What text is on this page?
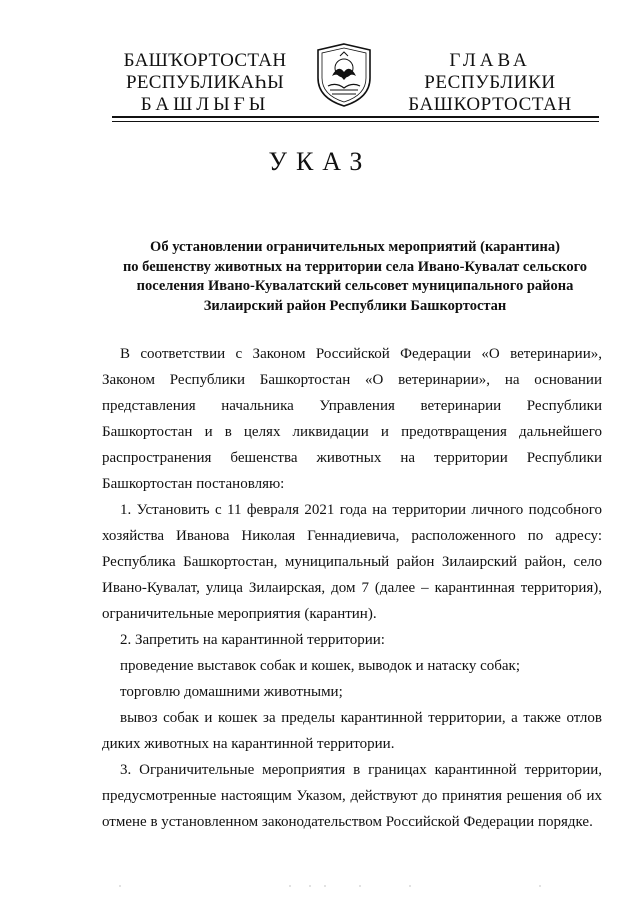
БАШҠОРТОСТАН
РЕСПУБЛИКАҺЫ
БАШЛЫҒЫ
ГЛАВА
РЕСПУБЛИКИ
БАШКОРТОСТАН
УКАЗ
Об установлении ограничительных мероприятий (карантина)
по бешенству животных на территории села Ивано-Кувалат сельского
поселения Ивано-Кувалатский сельсовет муниципального района
Зилаирский район Республики Башкортостан

В соответствии с Законом Российской Федерации «О ветеринарии», Законом Республики Башкортостан «О ветеринарии», на основании представления начальника Управления ветеринарии Республики Башкортостан и в целях ликвидации и предотвращения дальнейшего распространения бешенства животных на территории Республики Башкортостан постановляю:

1. Установить с 11 февраля 2021 года на территории личного подсобного хозяйства Иванова Николая Геннадиевича, расположенного по адресу: Республика Башкортостан, муниципальный район Зилаирский район, село Ивано-Кувалат, улица Зилаирская, дом 7 (далее – карантинная территория), ограничительные мероприятия (карантин).

2. Запретить на карантинной территории:

проведение выставок собак и кошек, выводок и натаску собак;

торговлю домашними животными;

вывоз собак и кошек за пределы карантинной территории, а также отлов диких животных на карантинной территории.

3. Ограничительные мероприятия в границах карантинной территории, предусмотренные настоящим Указом, действуют до принятия решения об их отмене в установленном законодательством Российской Федерации порядке.
